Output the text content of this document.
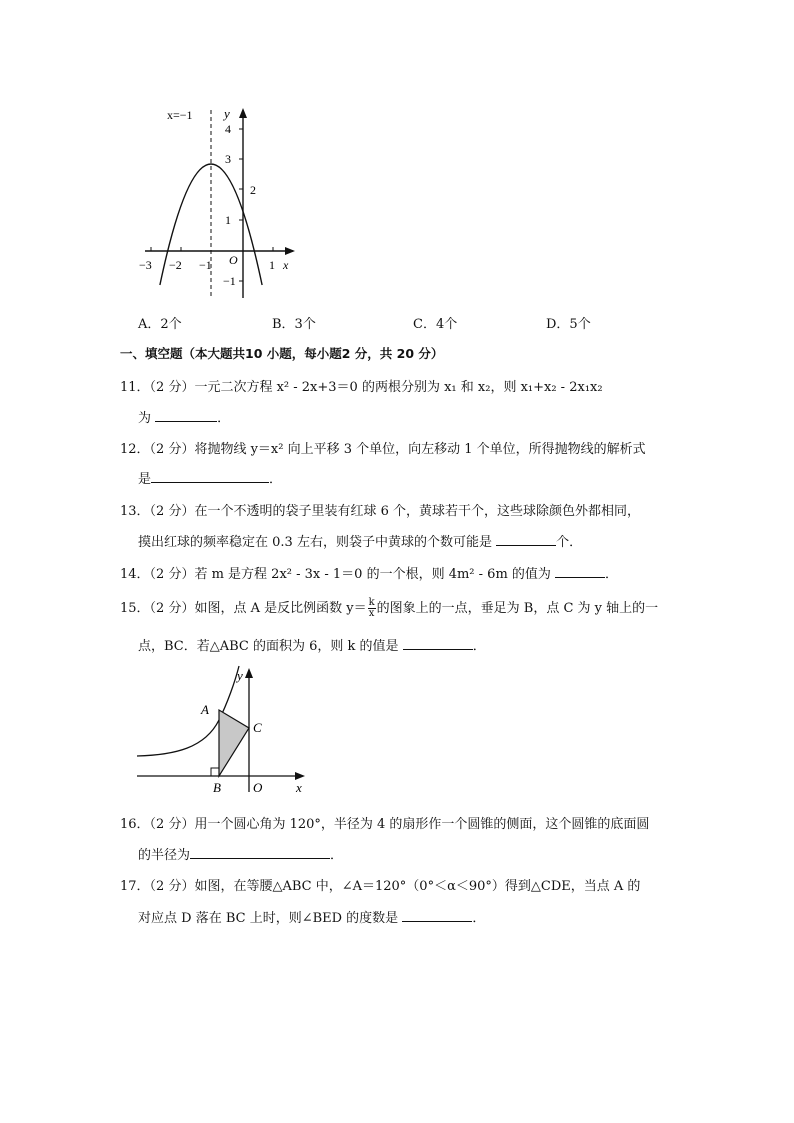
x=−1 y
x
O
4
3
2
1
−1
−3 −2 −1	1
A．2个	B．3个	C．4个	D．5个
一、填空题（本大题共10 小题，每小题2 分，共 20 分）
11．（2 分）一元二次方程 x² - 2x+3＝0 的两根分别为 x₁ 和 x₂，则 x₁+x₂ - 2x₁x₂
为	．
12．（2 分）将抛物线 y＝x² 向上平移 3 个单位，向左移动 1 个单位，所得抛物线的解析式
是	．
13．（2 分）在一个不透明的袋子里装有红球 6 个，黄球若干个，这些球除颜色外都相同，
摸出红球的频率稳定在 0.3 左右，则袋子中黄球的个数可能是	个．
14．（2 分）若 m 是方程 2x² - 3x - 1＝0 的一个根，则 4m² - 6m 的值为	．
15．（2 分）如图，点 A 是反比例函数 $y= \frac{k}{x}$ 的图象上的一点，垂足为 B，点 C 为 y 轴上的一
点，BC．若△ABC 的面积为 6，则 k 的值是	．
y
A
C
B O	x
16．（2 分）用一个圆心角为 120°，半径为 4 的扇形作一个圆锥的侧面，这个圆锥的底面圆
的半径为	．
17．（2 分）如图，在等腰△ABC 中，∠A＝120°（0°＜α＜90°）得到△CDE，当点 A 的
对应点 D 落在 BC 上时，则∠BED 的度数是	．
